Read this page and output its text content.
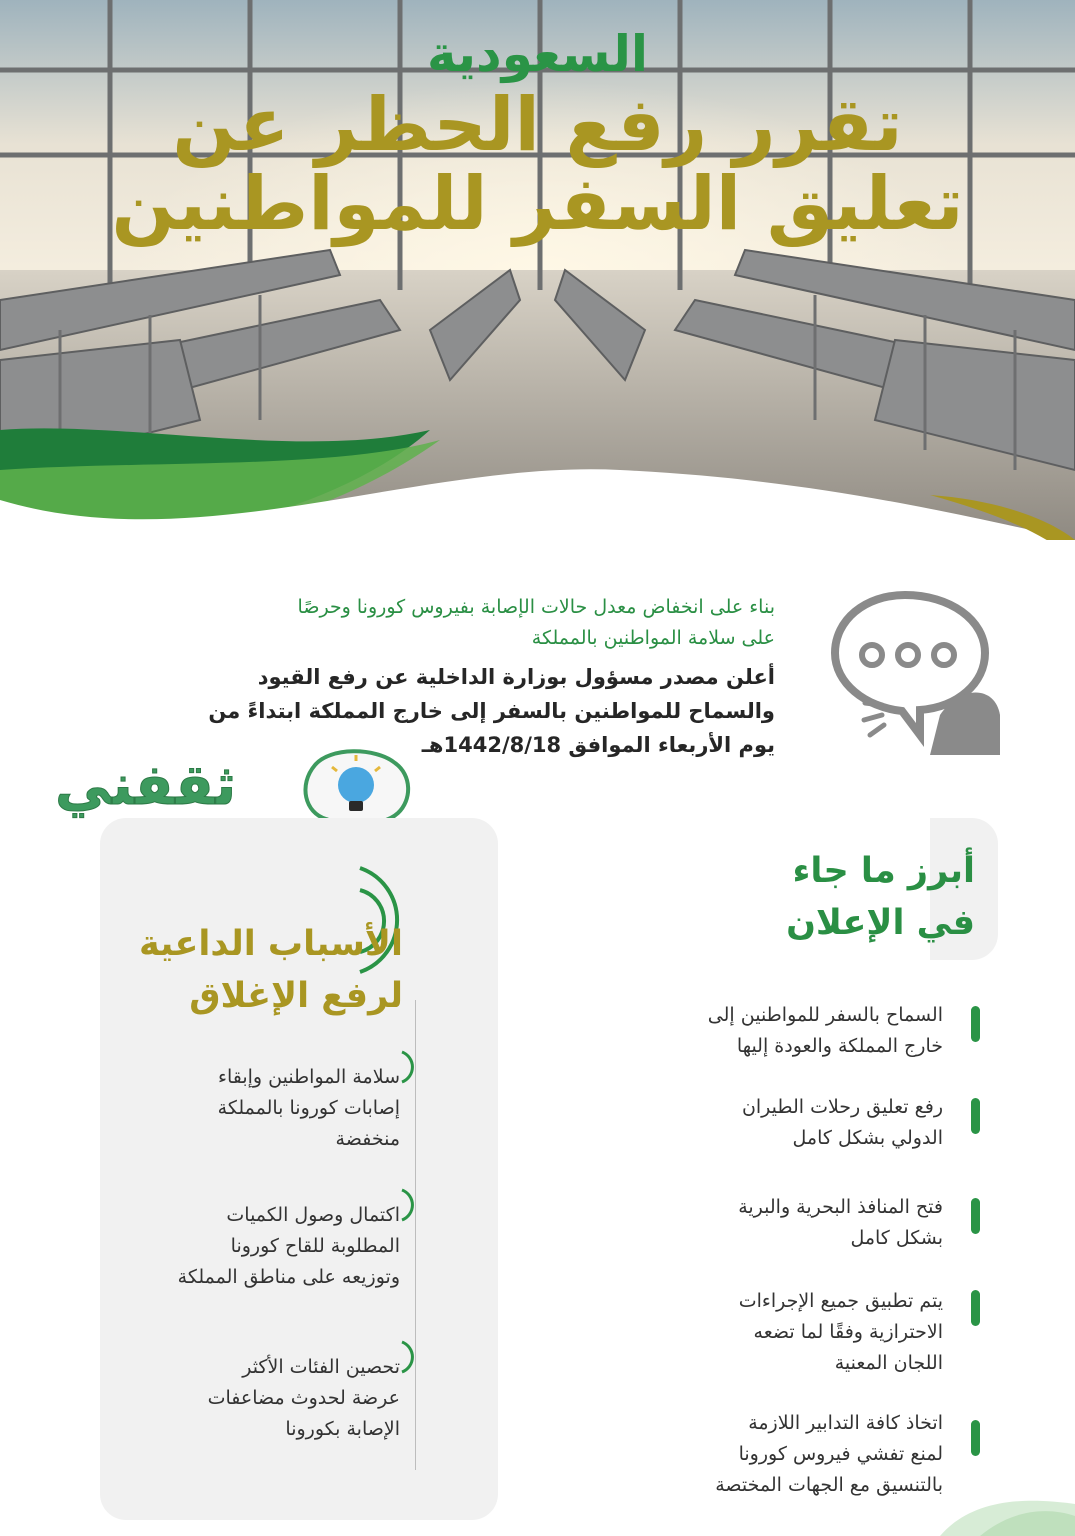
السعودية
تقرر رفع الحظر عن
تعليق السفر للمواطنين
بناء على انخفاض معدل حالات الإصابة بفيروس كورونا وحرصًا
على سلامة المواطنين بالمملكة
أعلن مصدر مسؤول بوزارة الداخلية عن رفع القيود
والسماح للمواطنين بالسفر إلى خارج المملكة ابتداءً من
يوم الأربعاء الموافق 1442/8/18هـ
ثقفني
الأسباب الداعية
لرفع الإغلاق
سلامة المواطنين وإبقاء
إصابات كورونا بالمملكة
منخفضة
اكتمال وصول الكميات
المطلوبة للقاح كورونا
وتوزيعه على مناطق المملكة
تحصين الفئات الأكثر
عرضة لحدوث مضاعفات
الإصابة بكورونا
أبرز ما جاء
في الإعلان
السماح بالسفر للمواطنين إلى
خارج المملكة والعودة إليها
رفع تعليق رحلات الطيران
الدولي بشكل كامل
فتح المنافذ البحرية والبرية
بشكل كامل
يتم تطبيق جميع الإجراءات
الاحترازية وفقًا لما تضعه
اللجان المعنية
اتخاذ كافة التدابير اللازمة
لمنع تفشي فيروس كورونا
بالتنسيق مع الجهات المختصة
